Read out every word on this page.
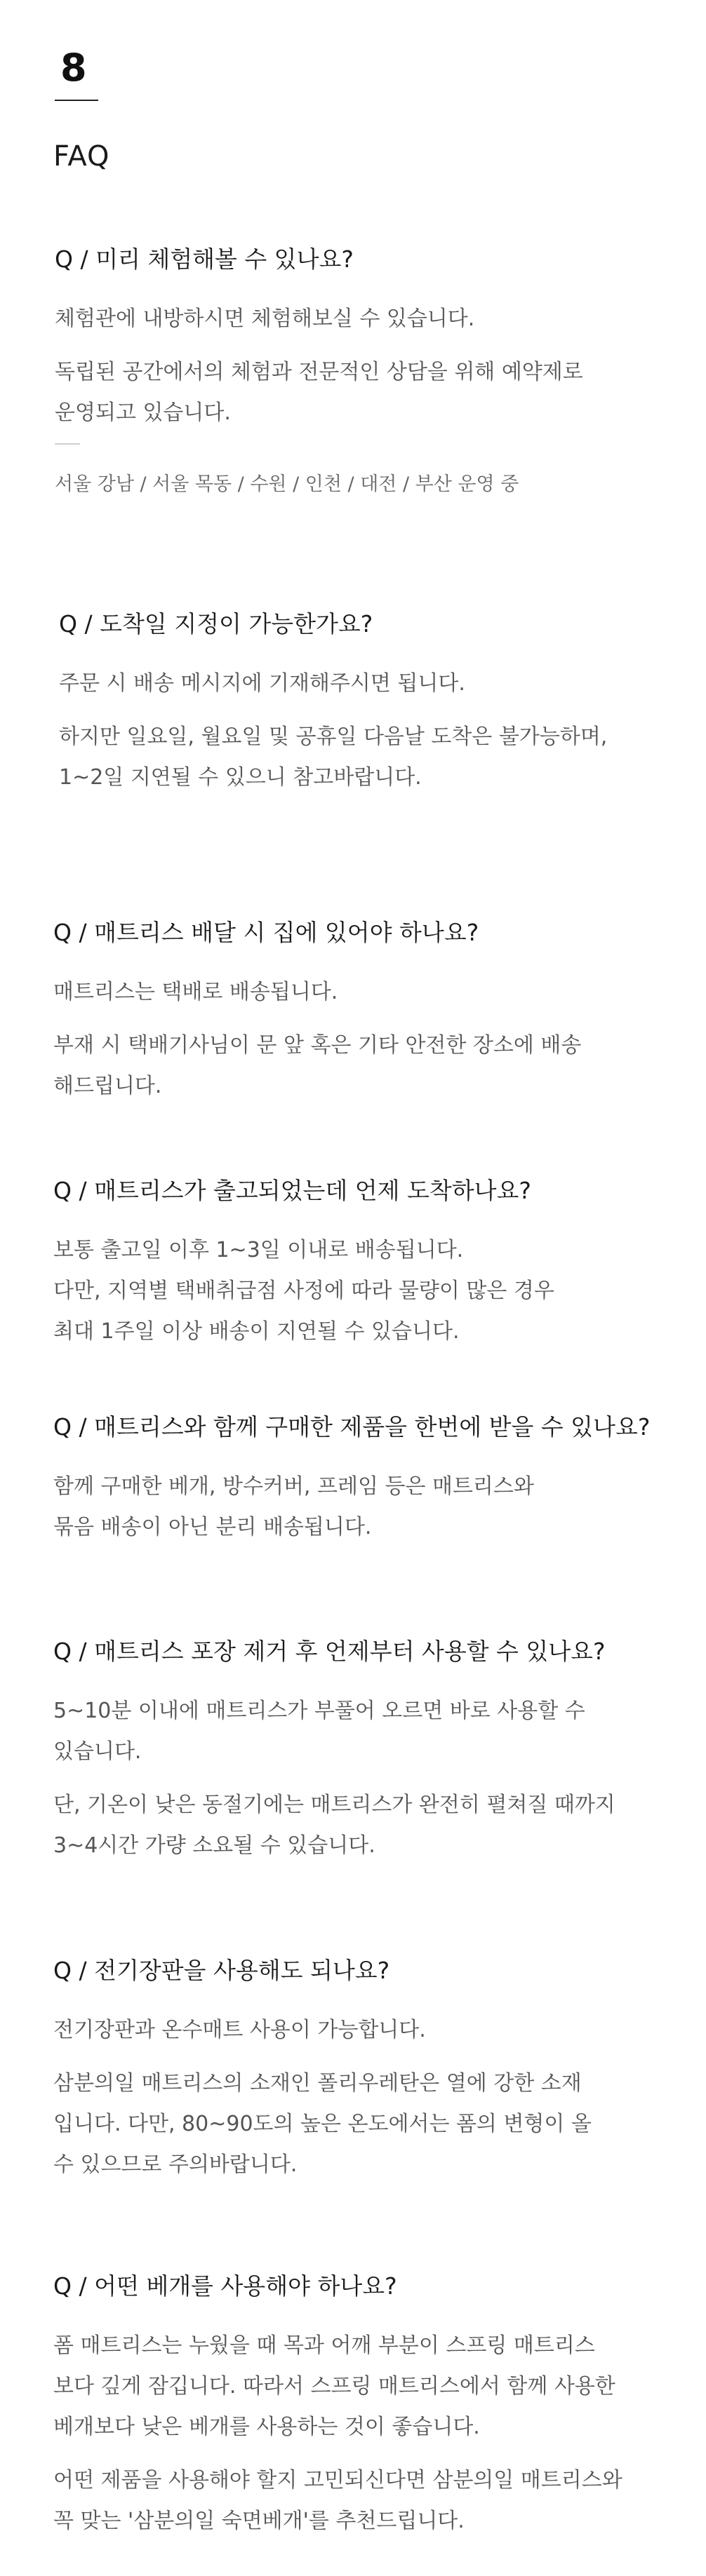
8
FAQ
Q / 미리 체험해볼 수 있나요?
체험관에 내방하시면 체험해보실 수 있습니다.
독립된 공간에서의 체험과 전문적인 상담을 위해 예약제로
운영되고 있습니다.
서울 강남 / 서울 목동 / 수원 / 인천 / 대전 / 부산 운영 중
Q / 도착일 지정이 가능한가요?
주문 시 배송 메시지에 기재해주시면 됩니다.
하지만 일요일, 월요일 및 공휴일 다음날 도착은 불가능하며,
1~2일 지연될 수 있으니 참고바랍니다.
Q / 매트리스 배달 시 집에 있어야 하나요?
매트리스는 택배로 배송됩니다.
부재 시 택배기사님이 문 앞 혹은 기타 안전한 장소에 배송
해드립니다.
Q / 매트리스가 출고되었는데 언제 도착하나요?
보통 출고일 이후 1~3일 이내로 배송됩니다.
다만, 지역별 택배취급점 사정에 따라 물량이 많은 경우
최대 1주일 이상 배송이 지연될 수 있습니다.
Q / 매트리스와 함께 구매한 제품을 한번에 받을 수 있나요?
함께 구매한 베개, 방수커버, 프레임 등은 매트리스와
묶음 배송이 아닌 분리 배송됩니다.
Q / 매트리스 포장 제거 후 언제부터 사용할 수 있나요?
5~10분 이내에 매트리스가 부풀어 오르면 바로 사용할 수
있습니다.
단, 기온이 낮은 동절기에는 매트리스가 완전히 펼쳐질 때까지
3~4시간 가량 소요될 수 있습니다.
Q / 전기장판을 사용해도 되나요?
전기장판과 온수매트 사용이 가능합니다.
삼분의일 매트리스의 소재인 폴리우레탄은 열에 강한 소재
입니다. 다만, 80~90도의 높은 온도에서는 폼의 변형이 올
수 있으므로 주의바랍니다.
Q / 어떤 베개를 사용해야 하나요?
폼 매트리스는 누웠을 때 목과 어깨 부분이 스프링 매트리스
보다 깊게 잠깁니다. 따라서 스프링 매트리스에서 함께 사용한
베개보다 낮은 베개를 사용하는 것이 좋습니다.
어떤 제품을 사용해야 할지 고민되신다면 삼분의일 매트리스와
꼭 맞는 '삼분의일 숙면베개'를 추천드립니다.
